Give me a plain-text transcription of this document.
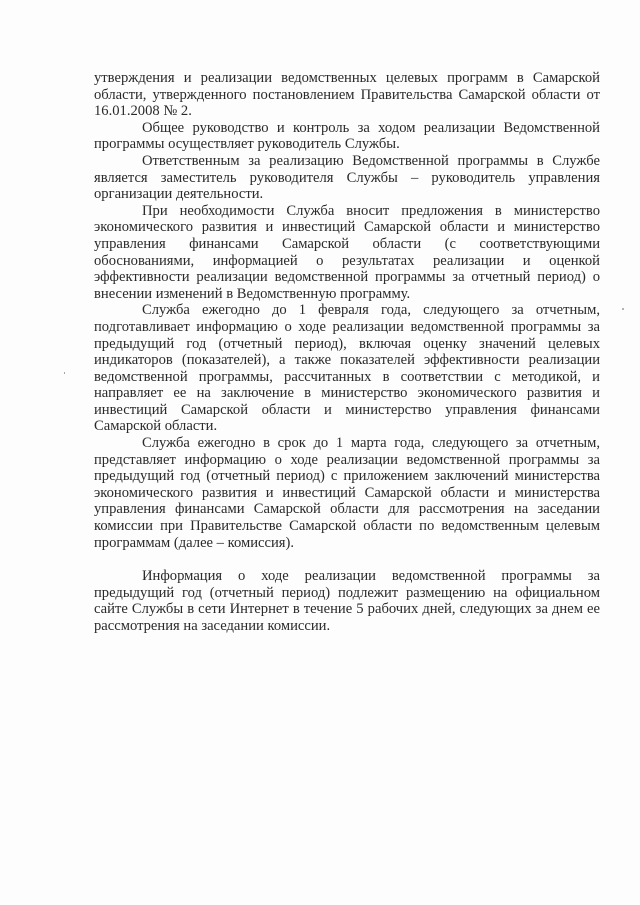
утверждения и реализации ведомственных целевых программ в Самарской области, утвержденного постановлением Правительства Самарской области от 16.01.2008 № 2.

Общее руководство и контроль за ходом реализации Ведомственной программы осуществляет руководитель Службы.

Ответственным за реализацию Ведомственной программы в Службе является заместитель руководителя Службы – руководитель управления организации деятельности.

При необходимости Служба вносит предложения в министерство экономического развития и инвестиций Самарской области и министерство управления финансами Самарской области (с соответствующими обоснованиями, информацией о результатах реализации и оценкой эффективности реализации ведомственной программы за отчетный период) о внесении изменений в Ведомственную программу.

Служба ежегодно до 1 февраля года, следующего за отчетным, подготавливает информацию о ходе реализации ведомственной программы за предыдущий год (отчетный период), включая оценку значений целевых индикаторов (показателей), а также показателей эффективности реализации ведомственной программы, рассчитанных в соответствии с методикой, и направляет ее на заключение в министерство экономического развития и инвестиций Самарской области и министерство управления финансами Самарской области.

Служба ежегодно в срок до 1 марта года, следующего за отчетным, представляет информацию о ходе реализации ведомственной программы за предыдущий год (отчетный период) с приложением заключений министерства экономического развития и инвестиций Самарской области и министерства управления финансами Самарской области для рассмотрения на заседании комиссии при Правительстве Самарской области по ведомственным целевым программам (далее – комиссия).

Информация о ходе реализации ведомственной программы за предыдущий год (отчетный период) подлежит размещению на официальном сайте Службы в сети Интернет в течение 5 рабочих дней, следующих за днем ее рассмотрения на заседании комиссии.
